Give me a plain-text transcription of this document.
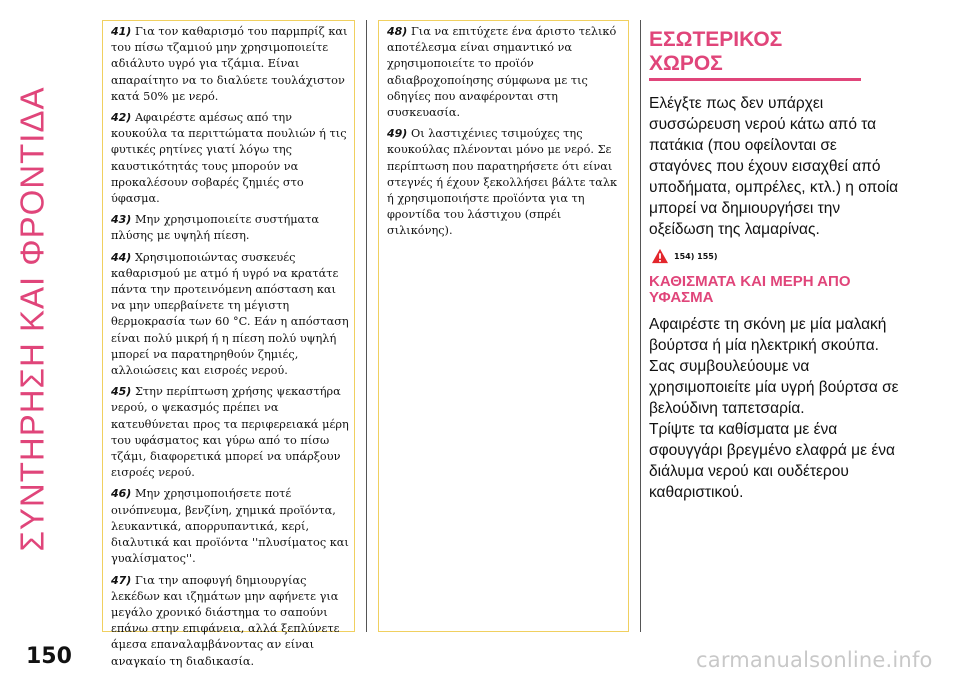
ΣΥΝΤΗΡΗΣΗ ΚΑΙ ΦΡΟΝΤΙΔΑ

41) Για τον καθαρισμό του παρμπρίζ και του πίσω τζαμιού μην χρησιμοποιείτε αδιάλυτο υγρό για τζάμια. Είναι απαραίτητο να το διαλύετε τουλάχιστον κατά 50% με νερό.

42) Αφαιρέστε αμέσως από την κουκούλα τα περιττώματα πουλιών ή τις φυτικές ρητίνες γιατί λόγω της καυστικότητάς τους μπορούν να προκαλέσουν σοβαρές ζημιές στο ύφασμα.

43) Μην χρησιμοποιείτε συστήματα πλύσης με υψηλή πίεση.

44) Χρησιμοποιώντας συσκευές καθαρισμού με ατμό ή υγρό να κρατάτε πάντα την προτεινόμενη απόσταση και να μην υπερβαίνετε τη μέγιστη θερμοκρασία των 60 °C. Εάν η απόσταση είναι πολύ μικρή ή η πίεση πολύ υψηλή μπορεί να παρατηρηθούν ζημιές, αλλοιώσεις και εισροές νερού.

45) Στην περίπτωση χρήσης ψεκαστήρα νερού, ο ψεκασμός πρέπει να κατευθύνεται προς τα περιφερειακά μέρη του υφάσματος και γύρω από το πίσω τζάμι, διαφορετικά μπορεί να υπάρξουν εισροές νερού.

46) Μην χρησιμοποιήσετε ποτέ οινόπνευμα, βενζίνη, χημικά προϊόντα, λευκαντικά, απορρυπαντικά, κερί, διαλυτικά και προϊόντα ''πλυσίματος και γυαλίσματος''.

47) Για την αποφυγή δημιουργίας λεκέδων και ιζημάτων μην αφήνετε για μεγάλο χρονικό διάστημα το σαπούνι επάνω στην επιφάνεια, αλλά ξεπλύνετε άμεσα επαναλαμβάνοντας αν είναι αναγκαίο τη διαδικασία.

48) Για να επιτύχετε ένα άριστο τελικό αποτέλεσμα είναι σημαντικό να χρησιμοποιείτε το προϊόν αδιαβροχοποίησης σύμφωνα με τις οδηγίες που αναφέρονται στη συσκευασία.

49) Οι λαστιχένιες τσιμούχες της κουκούλας πλένονται μόνο με νερό. Σε περίπτωση που παρατηρήσετε ότι είναι στεγνές ή έχουν ξεκολλήσει βάλτε ταλκ ή χρησιμοποιήστε προϊόντα για τη φροντίδα του λάστιχου (σπρέι σιλικόνης).

ΕΣΩΤΕΡΙΚΟΣ ΧΩΡΟΣ
Ελέγξτε πως δεν υπάρχει συσσώρευση νερού κάτω από τα πατάκια (που οφείλονται σε σταγόνες που έχουν εισαχθεί από υποδήματα, ομπρέλες, κτλ.) η οποία μπορεί να δημιουργήσει την οξείδωση της λαμαρίνας.
154) 155)
ΚΑΘΙΣΜΑΤΑ ΚΑΙ ΜΕΡΗ ΑΠΟ ΥΦΑΣΜΑ
Αφαιρέστε τη σκόνη με μία μαλακή βούρτσα ή μία ηλεκτρική σκούπα. Σας συμβουλεύουμε να χρησιμοποιείτε μία υγρή βούρτσα σε βελούδινη ταπετσαρία.
Τρίψτε τα καθίσματα με ένα σφουγγάρι βρεγμένο ελαφρά με ένα διάλυμα νερού και ουδέτερου καθαριστικού.
150	carmanualsonline.info
